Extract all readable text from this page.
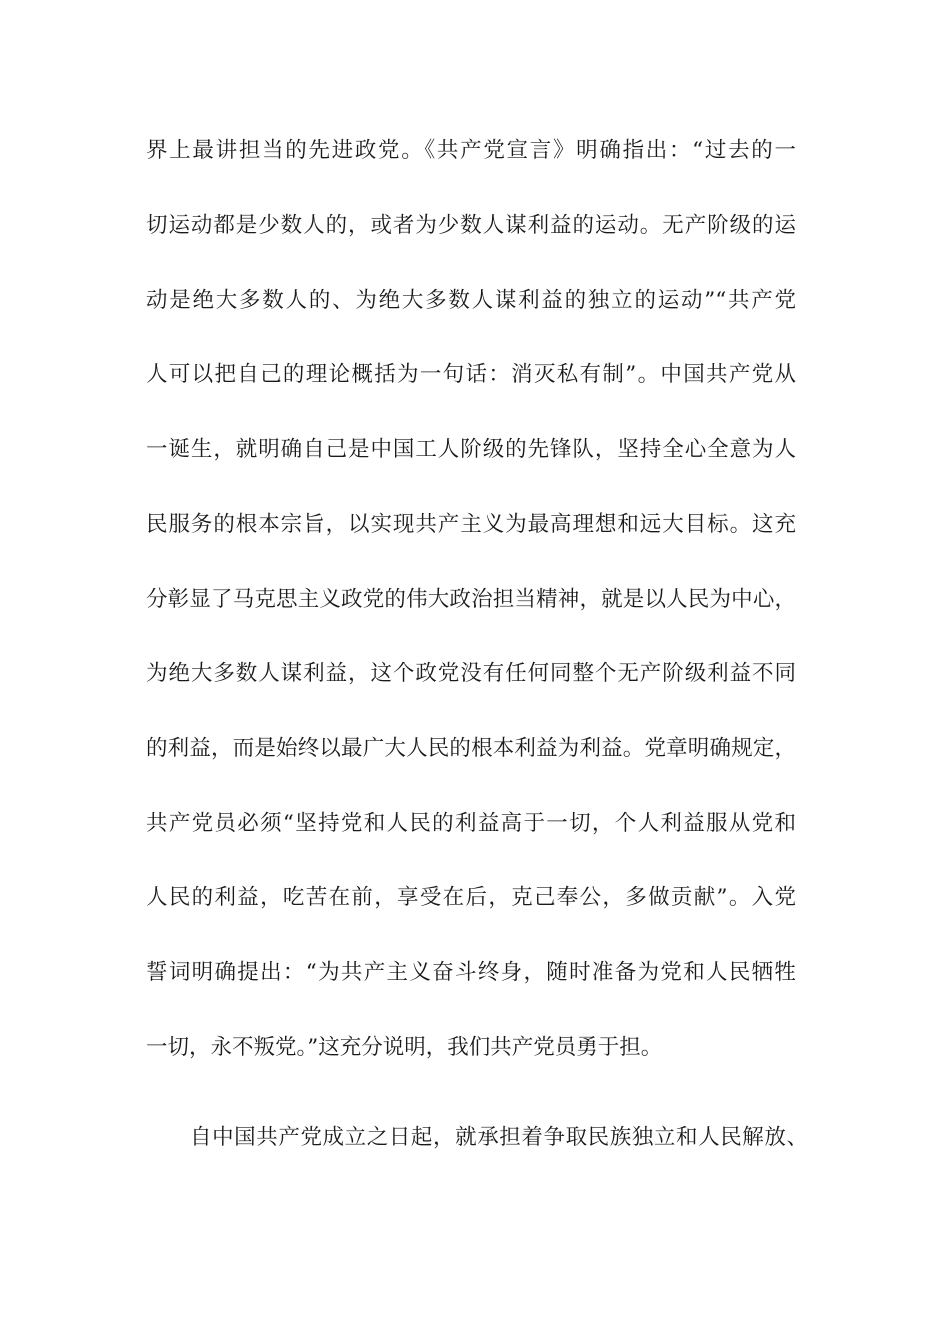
界上最讲担当的先进政党。《共产党宣言》明确指出：“过去的一
切运动都是少数人的，或者为少数人谋利益的运动。无产阶级的运
动是绝大多数人的、为绝大多数人谋利益的独立的运动”“共产党
人可以把自己的理论概括为一句话：消灭私有制”。中国共产党从
一诞生，就明确自己是中国工人阶级的先锋队，坚持全心全意为人
民服务的根本宗旨，以实现共产主义为最高理想和远大目标。这充
分彰显了马克思主义政党的伟大政治担当精神，就是以人民为中心，
为绝大多数人谋利益，这个政党没有任何同整个无产阶级利益不同
的利益，而是始终以最广大人民的根本利益为利益。党章明确规定，
共产党员必须“坚持党和人民的利益高于一切，个人利益服从党和
人民的利益，吃苦在前，享受在后，克己奉公，多做贡献”。入党
誓词明确提出：“为共产主义奋斗终身，随时准备为党和人民牺牲
一切，永不叛党。”这充分说明，我们共产党员勇于担。
自中国共产党成立之日起，就承担着争取民族独立和人民解放、
